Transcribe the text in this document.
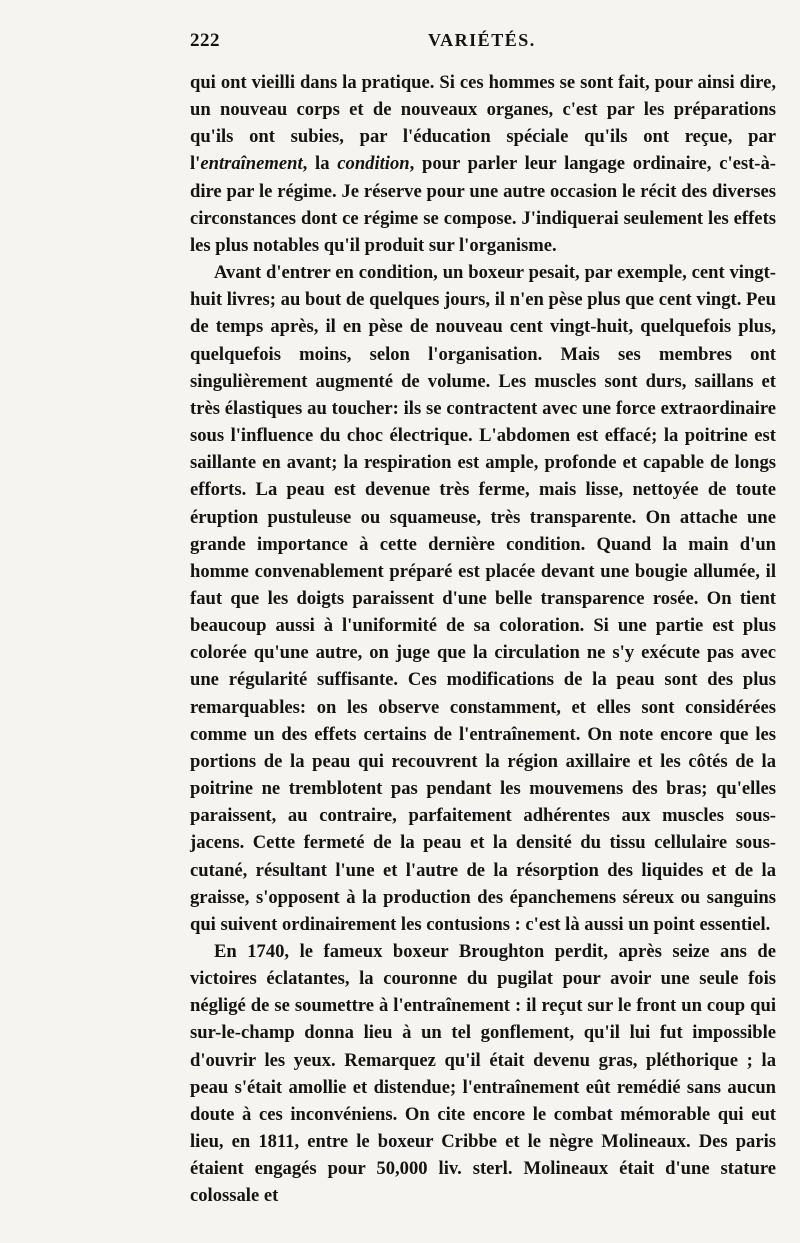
222	VARIÉTÉS.

qui ont vieilli dans la pratique. Si ces hommes se sont fait, pour ainsi dire, un nouveau corps et de nouveaux organes, c'est par les préparations qu'ils ont subies, par l'éducation spéciale qu'ils ont reçue, par l'entraînement, la condition, pour parler leur langage ordinaire, c'est-à-dire par le régime. Je réserve pour une autre occasion le récit des diverses circonstances dont ce régime se compose. J'indiquerai seulement les effets les plus notables qu'il produit sur l'organisme.

Avant d'entrer en condition, un boxeur pesait, par exemple, cent vingt-huit livres; au bout de quelques jours, il n'en pèse plus que cent vingt. Peu de temps après, il en pèse de nouveau cent vingt-huit, quelquefois plus, quelquefois moins, selon l'organisation. Mais ses membres ont singulièrement augmenté de volume. Les muscles sont durs, saillans et très élastiques au toucher: ils se contractent avec une force extraordinaire sous l'influence du choc électrique. L'abdomen est effacé; la poitrine est saillante en avant; la respiration est ample, profonde et capable de longs efforts. La peau est devenue très ferme, mais lisse, nettoyée de toute éruption pustuleuse ou squameuse, très transparente. On attache une grande importance à cette dernière condition. Quand la main d'un homme convenablement préparé est placée devant une bougie allumée, il faut que les doigts paraissent d'une belle transparence rosée. On tient beaucoup aussi à l'uniformité de sa coloration. Si une partie est plus colorée qu'une autre, on juge que la circulation ne s'y exécute pas avec une régularité suffisante. Ces modifications de la peau sont des plus remarquables: on les observe constamment, et elles sont considérées comme un des effets certains de l'entraînement. On note encore que les portions de la peau qui recouvrent la région axillaire et les côtés de la poitrine ne tremblotent pas pendant les mouvemens des bras; qu'elles paraissent, au contraire, parfaitement adhérentes aux muscles sous-jacens. Cette fermeté de la peau et la densité du tissu cellulaire sous-cutané, résultant l'une et l'autre de la résorption des liquides et de la graisse, s'opposent à la production des épanchemens séreux ou sanguins qui suivent ordinairement les contusions : c'est là aussi un point essentiel.

En 1740, le fameux boxeur Broughton perdit, après seize ans de victoires éclatantes, la couronne du pugilat pour avoir une seule fois négligé de se soumettre à l'entraînement : il reçut sur le front un coup qui sur-le-champ donna lieu à un tel gonflement, qu'il lui fut impossible d'ouvrir les yeux. Remarquez qu'il était devenu gras, pléthorique ; la peau s'était amollie et distendue; l'entraînement eût remédié sans aucun doute à ces inconvéniens. On cite encore le combat mémorable qui eut lieu, en 1811, entre le boxeur Cribbe et le nègre Molineaux. Des paris étaient engagés pour 50,000 liv. sterl. Molineaux était d'une stature colossale et
